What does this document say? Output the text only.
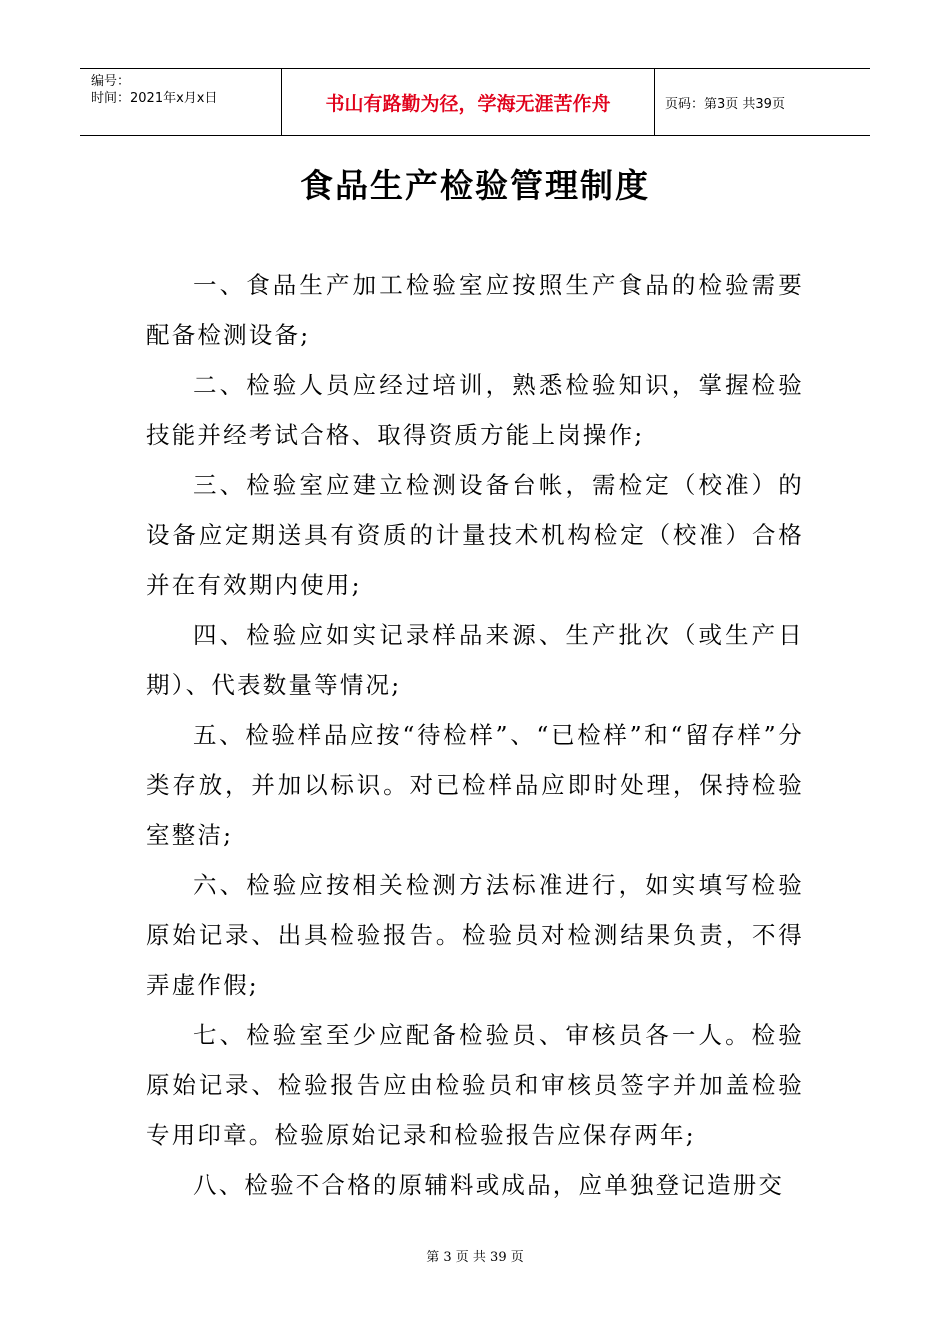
编号：
时间：2021年x月x日	书山有路勤为径，学海无涯苦作舟	页码：第3页 共39页
食品生产检验管理制度

一、食品生产加工检验室应按照生产食品的检验需要配备检测设备;

二、检验人员应经过培训，熟悉检验知识，掌握检验技能并经考试合格、取得资质方能上岗操作;

三、检验室应建立检测设备台帐，需检定（校准）的设备应定期送具有资质的计量技术机构检定（校准）合格并在有效期内使用;

四、检验应如实记录样品来源、生产批次（或生产日期）、代表数量等情况;

五、检验样品应按“待检样”、“已检样”和“留存样”分类存放，并加以标识。对已检样品应即时处理，保持检验室整洁;

六、检验应按相关检测方法标准进行，如实填写检验原始记录、出具检验报告。检验员对检测结果负责，不得弄虚作假;

七、检验室至少应配备检验员、审核员各一人。检验原始记录、检验报告应由检验员和审核员签字并加盖检验专用印章。检验原始记录和检验报告应保存两年;

八、检验不合格的原辅料或成品，应单独登记造册交

第 3 页 共 39 页
